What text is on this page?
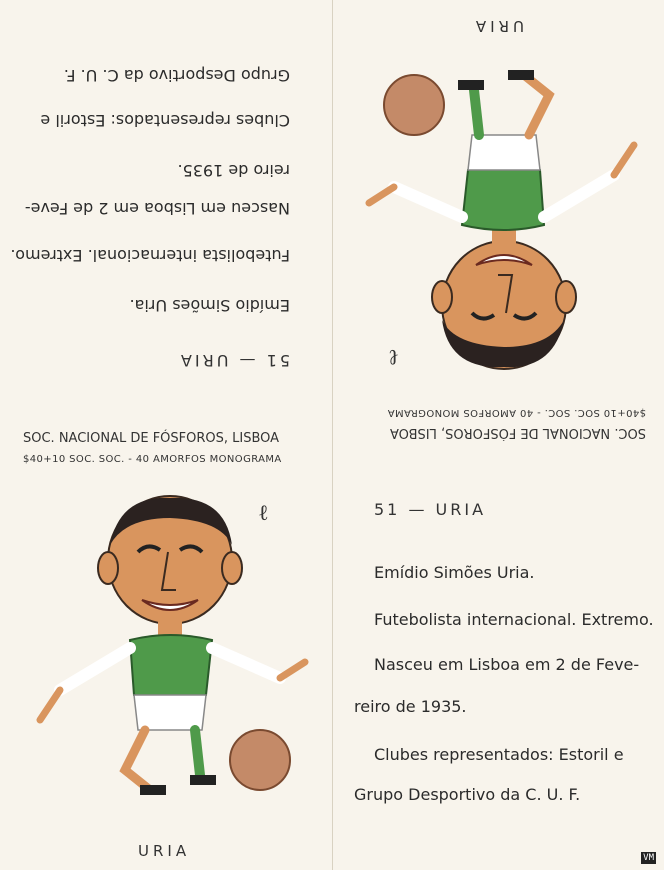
51 — URIA
Emídio Simões Uria.
Futebolista internacional. Extremo.
Nasceu em Lisboa em 2 de Feve-
reiro de 1935.
Clubes representados: Estoril e
Grupo Desportivo da C. U. F.
URIA
SOC. NACIONAL DE FÓSFOROS, LISBOA
$40+10 SOC. SOC. - 40 AMORFOS MONOGRAMA
ℓ
SOC. NACIONAL DE FÓSFOROS, LISBOA
$40+10 SOC. SOC. - 40 AMORFOS MONOGRAMA
ℓ
URIA
51 — URIA
Emídio Simões Uria.
Futebolista internacional. Extremo.
Nasceu em Lisboa em 2 de Feve-
reiro de 1935.
Clubes representados: Estoril e
Grupo Desportivo da C. U. F.
VM
